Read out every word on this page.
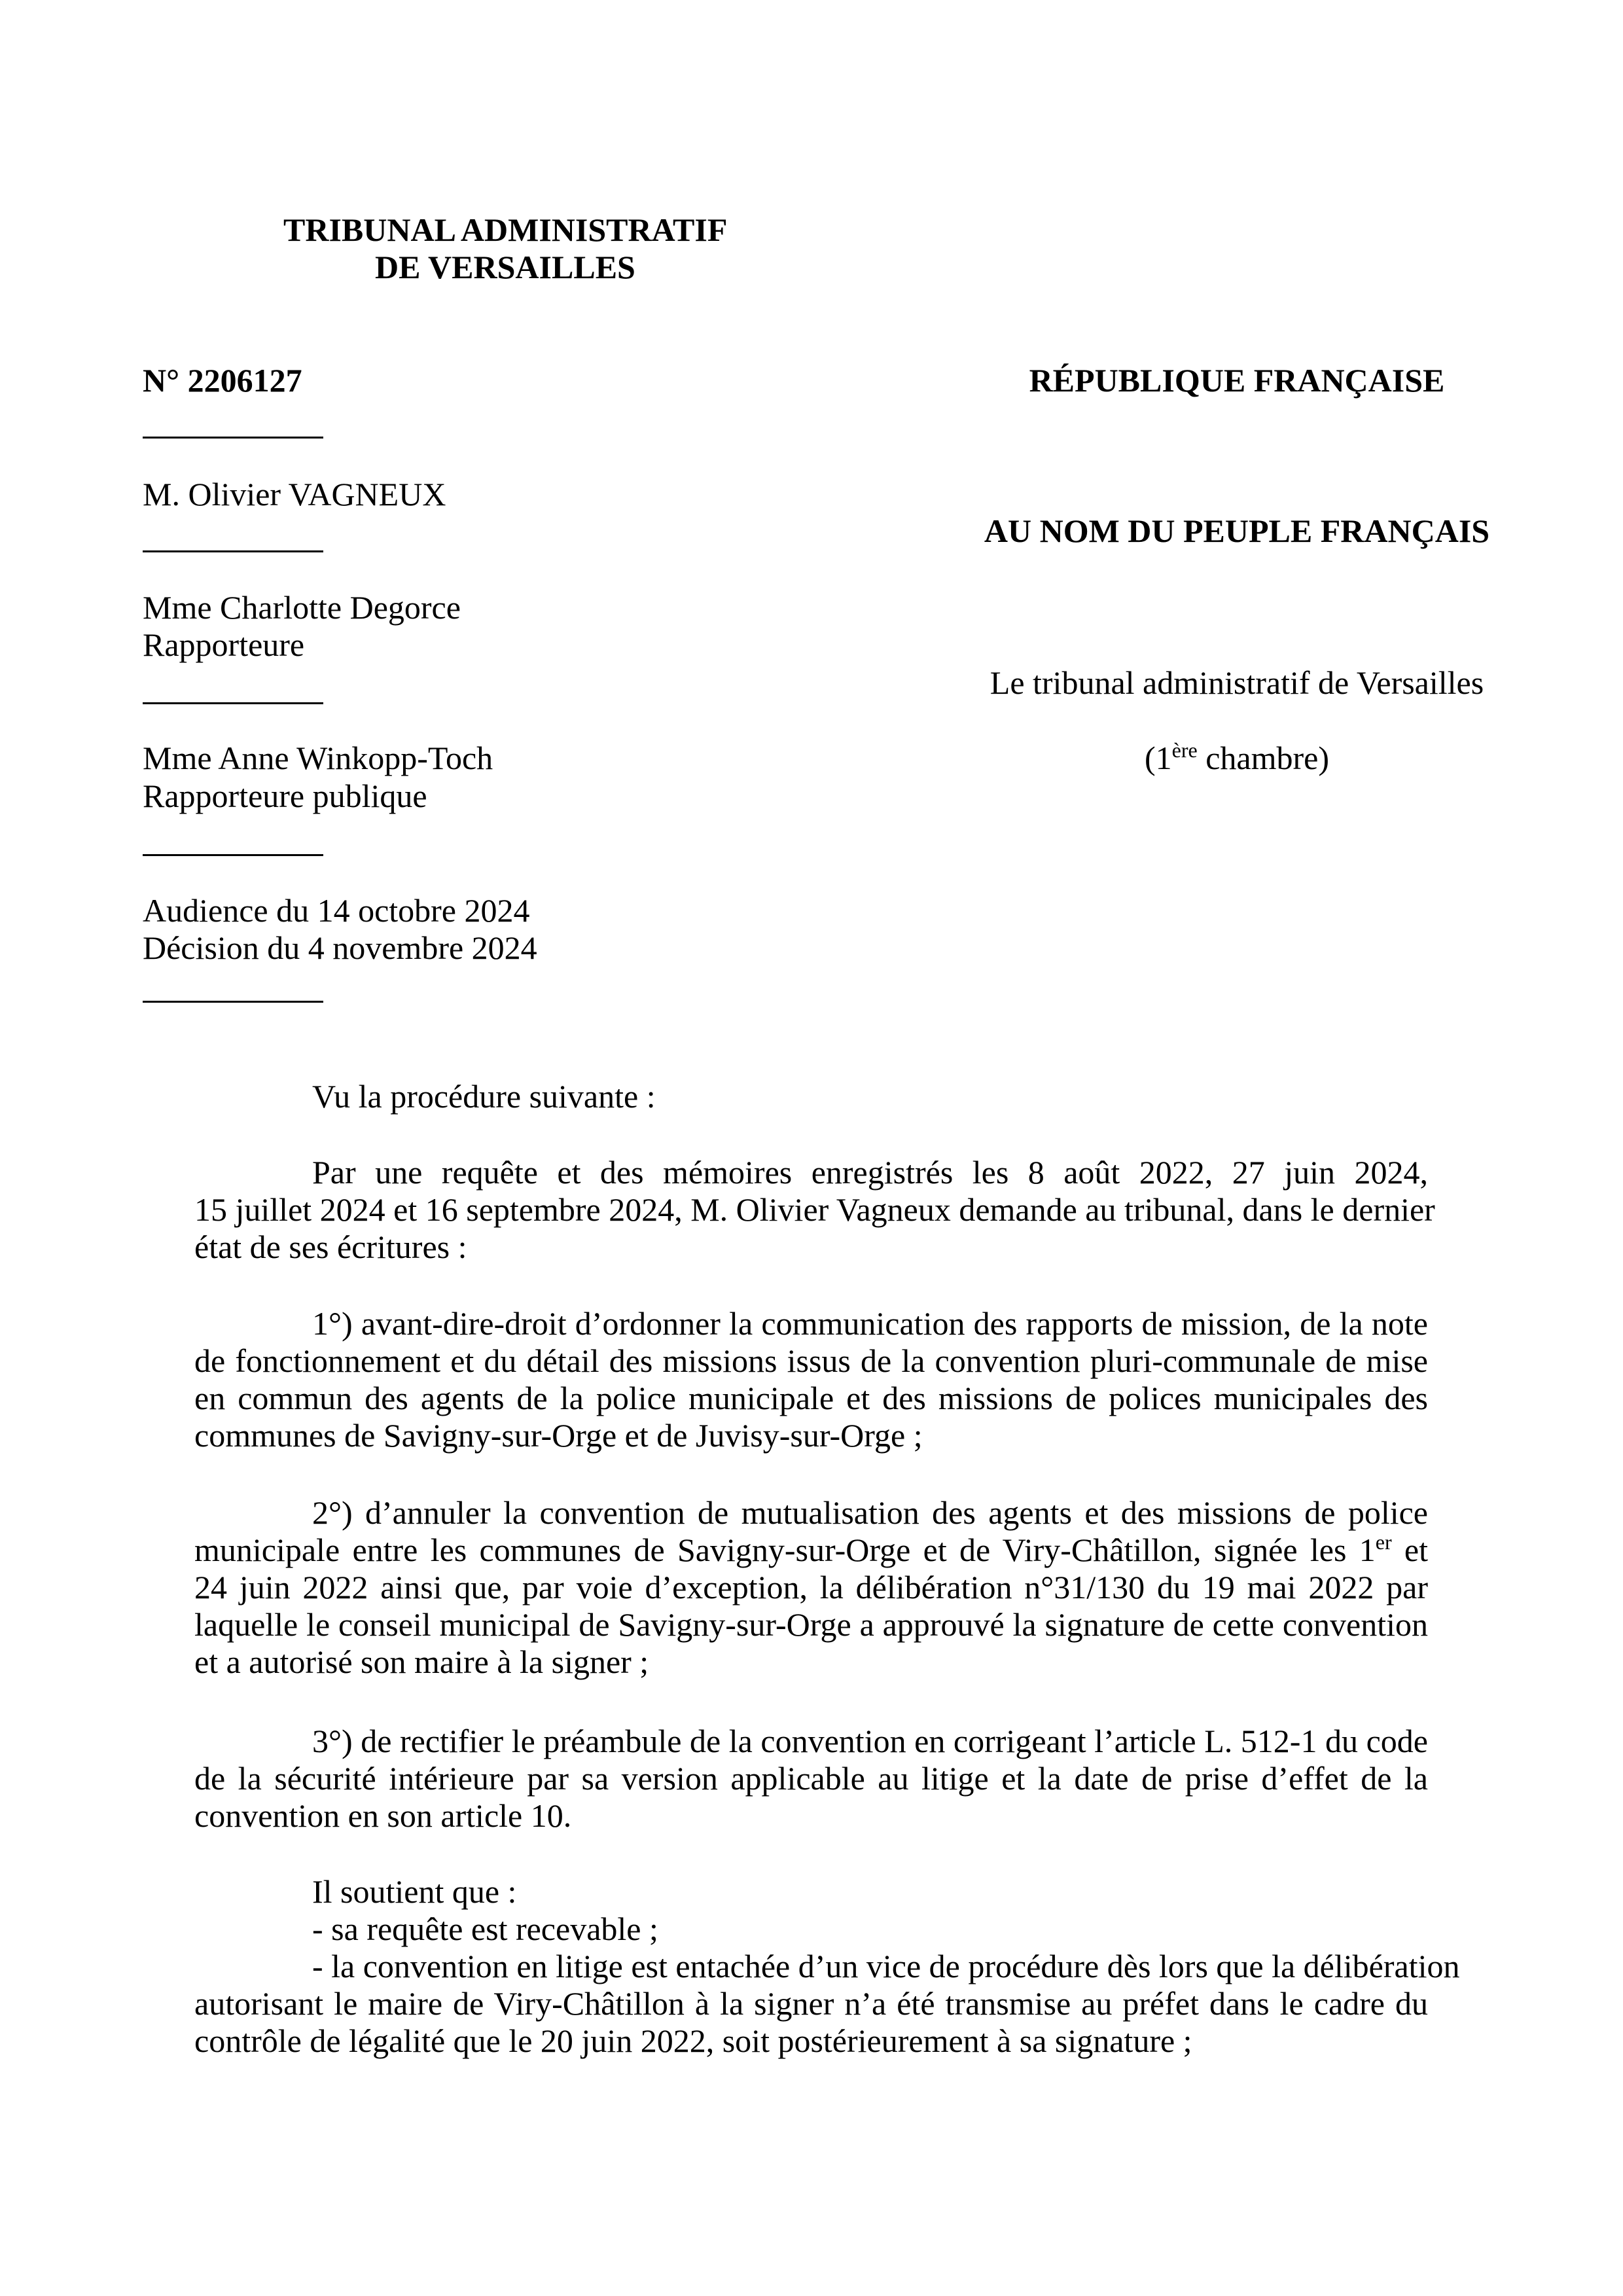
TRIBUNAL ADMINISTRATIF
DE VERSAILLES
N° 2206127
M. Olivier VAGNEUX
Mme Charlotte Degorce
Rapporteure
Mme Anne Winkopp-Toch
Rapporteure publique
Audience du 14 octobre 2024
Décision du 4 novembre 2024
RÉPUBLIQUE FRANÇAISE
AU NOM DU PEUPLE FRANÇAIS
Le tribunal administratif de Versailles
(1ère chambre)
Vu la procédure suivante :
Par une requête et des mémoires enregistrés les 8 août 2022, 27 juin 2024,
15 juillet 2024 et 16 septembre 2024, M. Olivier Vagneux demande au tribunal, dans le dernier
état de ses écritures :
1°) avant-dire-droit d’ordonner la communication des rapports de mission, de la note
de fonctionnement et du détail des missions issus de la convention pluri-communale de mise
en commun des agents de la police municipale et des missions de polices municipales des
communes de Savigny-sur-Orge et de Juvisy-sur-Orge ;
2°) d’annuler la convention de mutualisation des agents et des missions de police
municipale entre les communes de Savigny-sur-Orge et de Viry-Châtillon, signée les 1er et
24 juin 2022 ainsi que, par voie d’exception, la délibération n°31/130 du 19 mai 2022 par
laquelle le conseil municipal de Savigny-sur-Orge a approuvé la signature de cette convention
et a autorisé son maire à la signer ;
3°) de rectifier le préambule de la convention en corrigeant l’article L. 512-1 du code
de la sécurité intérieure par sa version applicable au litige et la date de prise d’effet de la
convention en son article 10.
Il soutient que :
- sa requête est recevable ;
- la convention en litige est entachée d’un vice de procédure dès lors que la délibération
autorisant le maire de Viry-Châtillon à la signer n’a été transmise au préfet dans le cadre du
contrôle de légalité que le 20 juin 2022, soit postérieurement à sa signature ;
